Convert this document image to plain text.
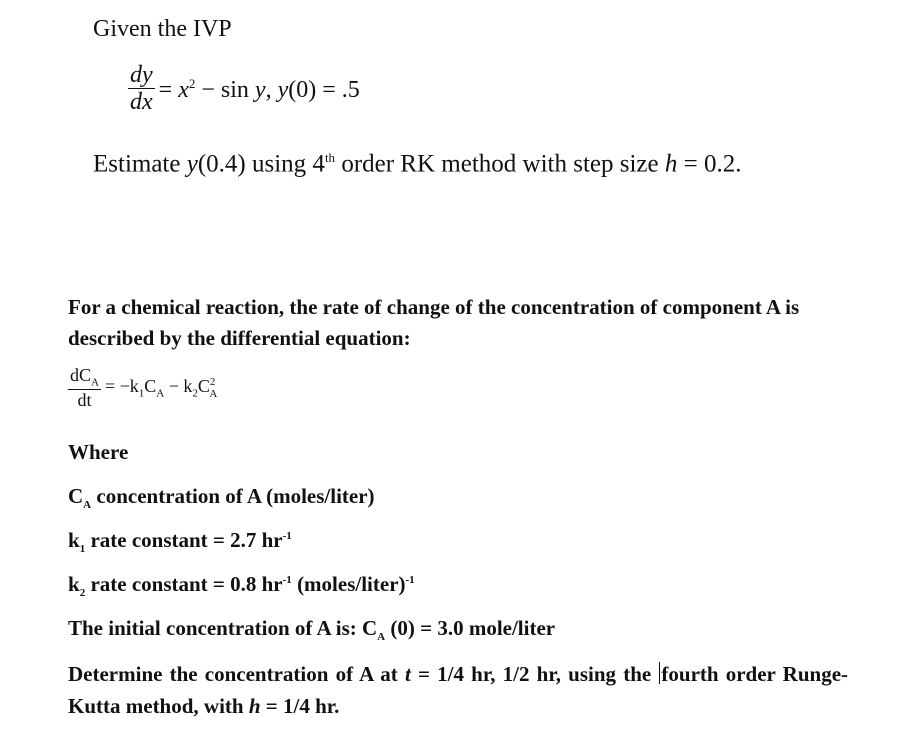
Given the IVP
$\frac{dy}{dx} = x^2 - \sin y$, y(0) = .5
Estimate y(0.4) using 4th order RK method with step size h = 0.2.
For a chemical reaction, the rate of change of the concentration of component A is described by the differential equation:
$\frac{dC_A}{dt} = -k_1C_A - k_2C^2_A$
Where
$C_A$ concentration of A (moles/liter)
$k_1$ rate constant = 2.7 $hr^{-1}$
$k_2$ rate constant = 0.8 $hr^{-1}$ (moles/liter)$^{-1}$
The initial concentration of A is: $C_A$ (0) = 3.0 mole/liter
Determine the concentration of A at t = 1/4 hr, 1/2 hr, using the fourth order Runge-Kutta method, with h = 1/4 hr.
